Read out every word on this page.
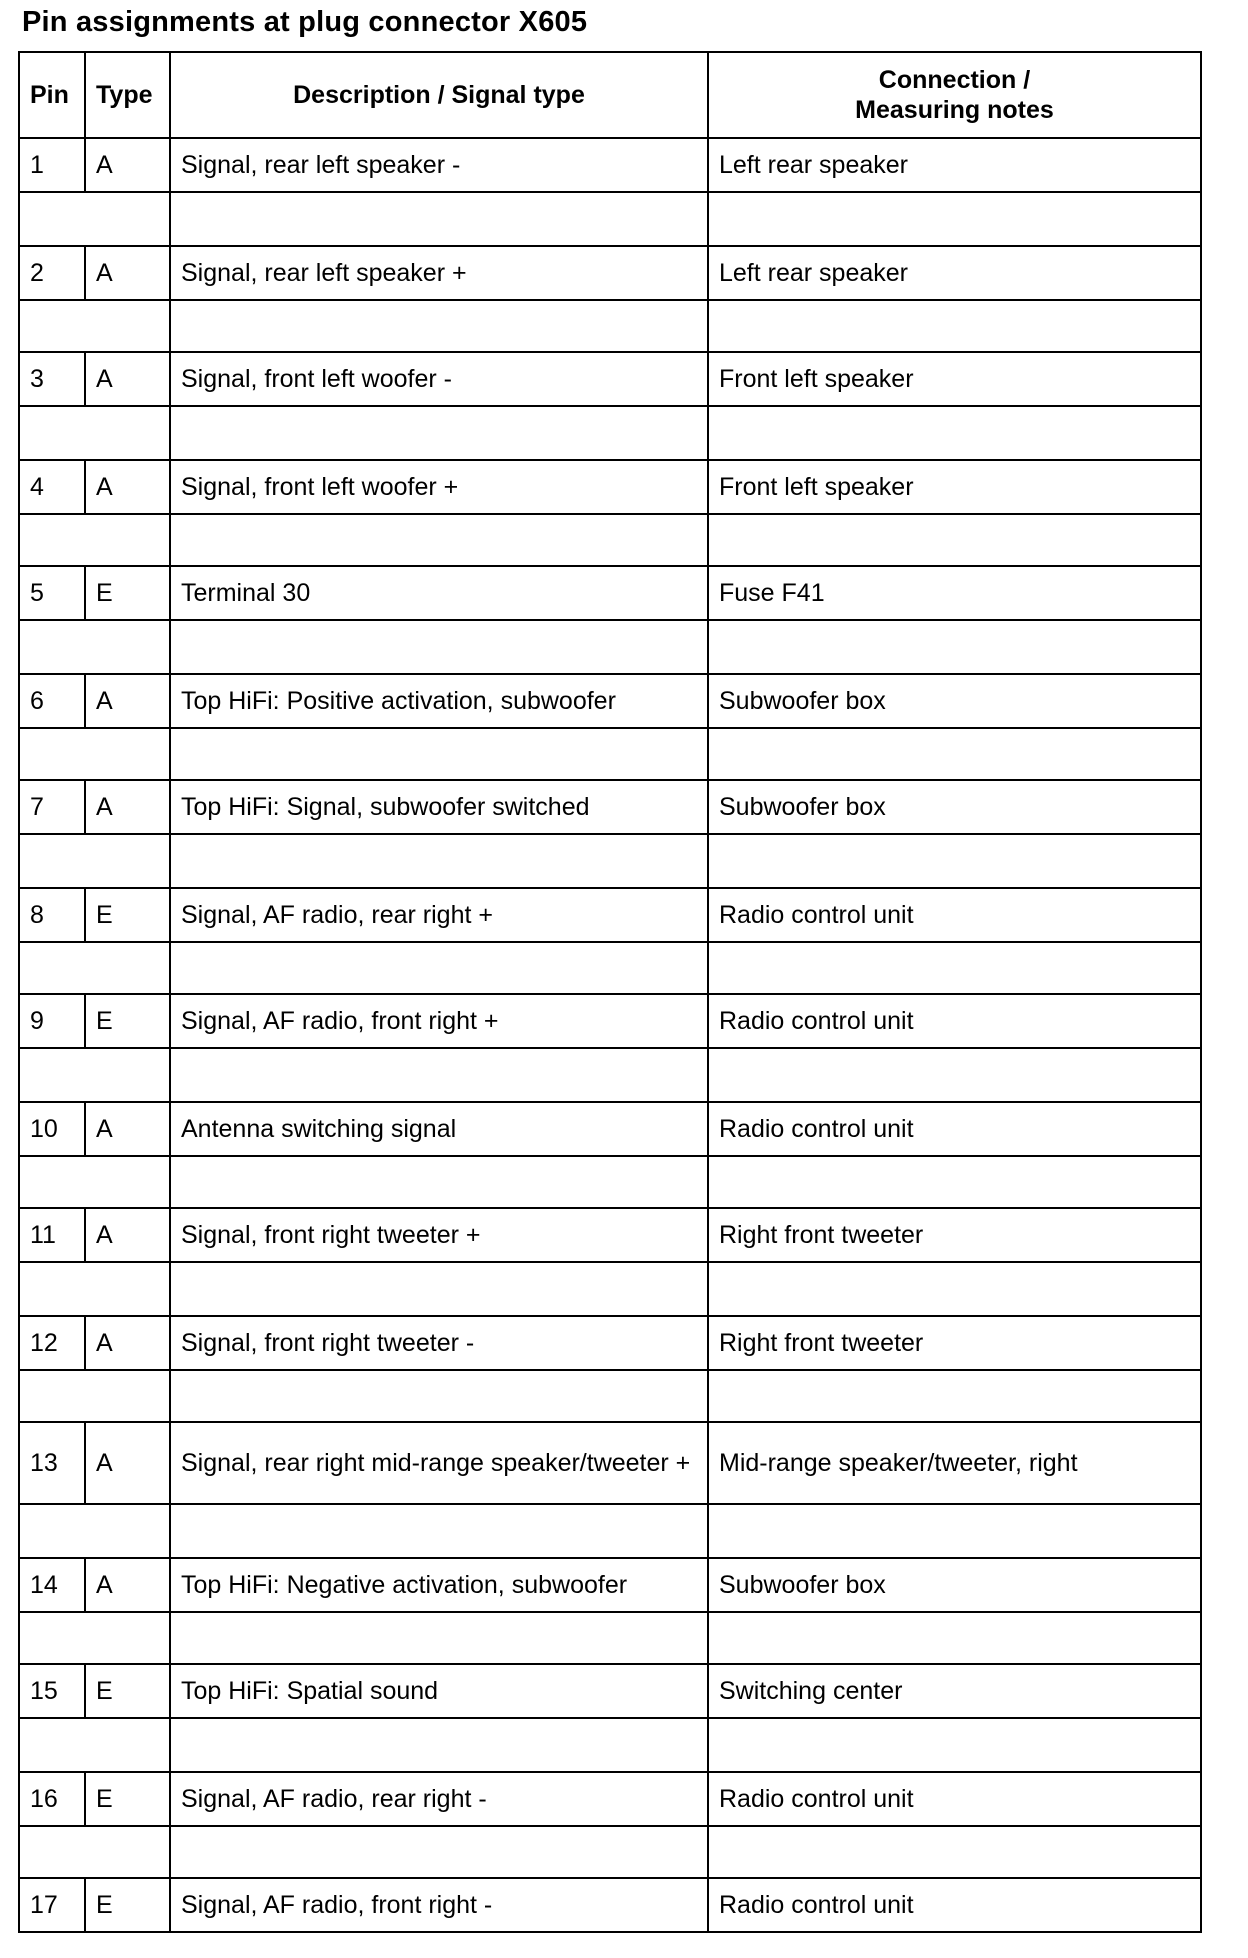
Pin assignments at plug connector X605
Pin	Type	Description / Signal type	Connection /
Measuring notes
1	A	Signal, rear left speaker -	Left rear speaker

2	A	Signal, rear left speaker +	Left rear speaker

3	A	Signal, front left woofer -	Front left speaker

4	A	Signal, front left woofer +	Front left speaker

5	E	Terminal 30	Fuse F41

6	A	Top HiFi: Positive activation, subwoofer	Subwoofer box

7	A	Top HiFi: Signal, subwoofer switched	Subwoofer box

8	E	Signal, AF radio, rear right +	Radio control unit

9	E	Signal, AF radio, front right +	Radio control unit

10	A	Antenna switching signal	Radio control unit

11	A	Signal, front right tweeter +	Right front tweeter

12	A	Signal, front right tweeter -	Right front tweeter

13	A	Signal, rear right mid-range speaker/tweeter +	Mid-range speaker/tweeter, right

14	A	Top HiFi: Negative activation, subwoofer	Subwoofer box

15	E	Top HiFi: Spatial sound	Switching center

16	E	Signal, AF radio, rear right -	Radio control unit

17	E	Signal, AF radio, front right -	Radio control unit
